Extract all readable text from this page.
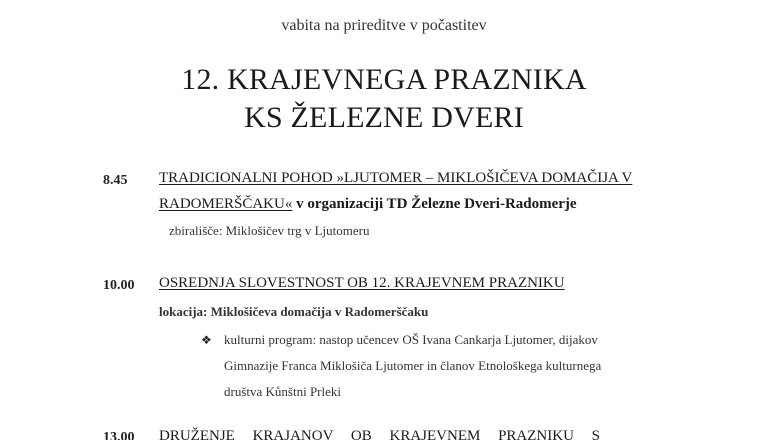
vabita na prireditve v počastitev
12. KRAJEVNEGA PRAZNIKA
KS ŽELEZNE DVERI
8.45 TRADICIONALNI POHOD »LJUTOMER – MIKLOŠIČEVA DOMAČIJA V
RADOMERŠČAKU« v organizaciji TD Železne Dveri-Radomerje
zbirališče: Miklošičev trg v Ljutomeru
10.00 OSREDNJA SLOVESTNOST OB 12. KRAJEVNEM PRAZNIKU
lokacija: Miklošičeva domačija v Radomerščaku
❖ kulturni program: nastop učencev OŠ Ivana Cankarja Ljutomer, dijakov
Gimnazije Franca Miklošiča Ljutomer in članov Etnološkega kulturnega
društva Kůnštni Prleki
13.00 DRUŽENJE KRAJANOV OB KRAJEVNEM PRAZNIKU S
